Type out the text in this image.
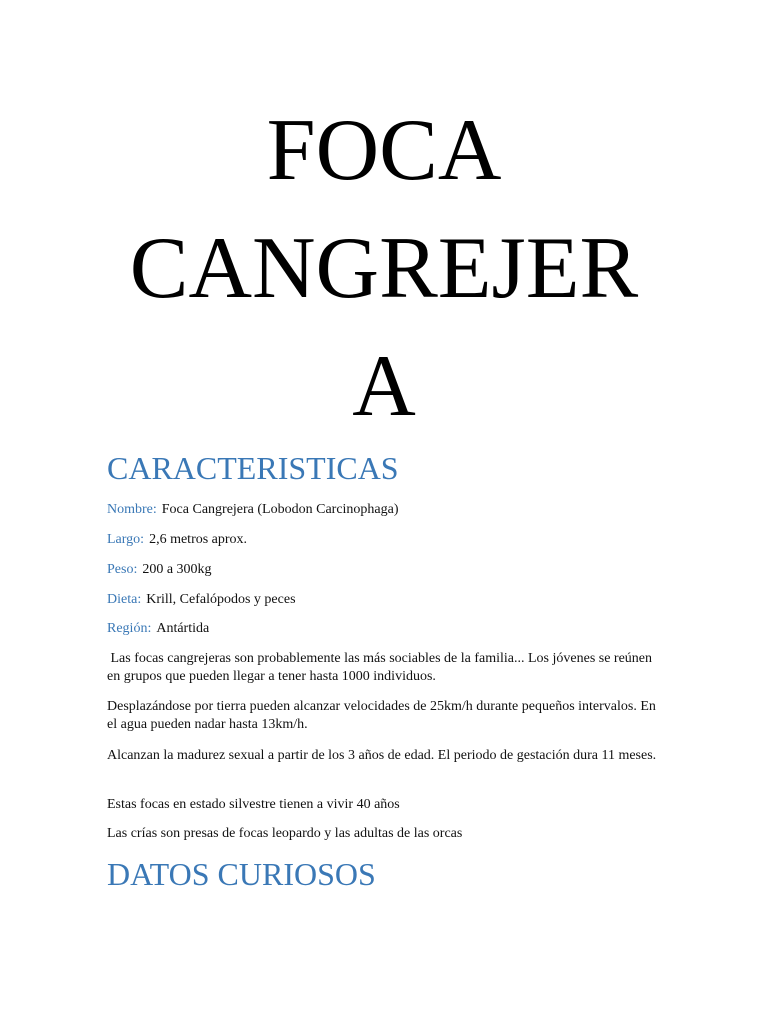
FOCA
CANGREJER
A
CARACTERISTICAS
Nombre: Foca Cangrejera (Lobodon Carcinophaga)
Largo: 2,6 metros aprox.
Peso: 200 a 300kg
Dieta: Krill, Cefalópodos y peces
Región: Antártida

Las focas cangrejeras son probablemente las más sociables de la familia... Los jóvenes se reúnen en grupos que pueden llegar a tener hasta 1000 individuos.

Desplazándose por tierra pueden alcanzar velocidades de 25km/h durante pequeños intervalos. En el agua pueden nadar hasta 13km/h.

Alcanzan la madurez sexual a partir de los 3 años de edad. El periodo de gestación dura 11 meses.

Estas focas en estado silvestre tienen a vivir 40 años

Las crías son presas de focas leopardo y las adultas de las orcas

DATOS CURIOSOS
